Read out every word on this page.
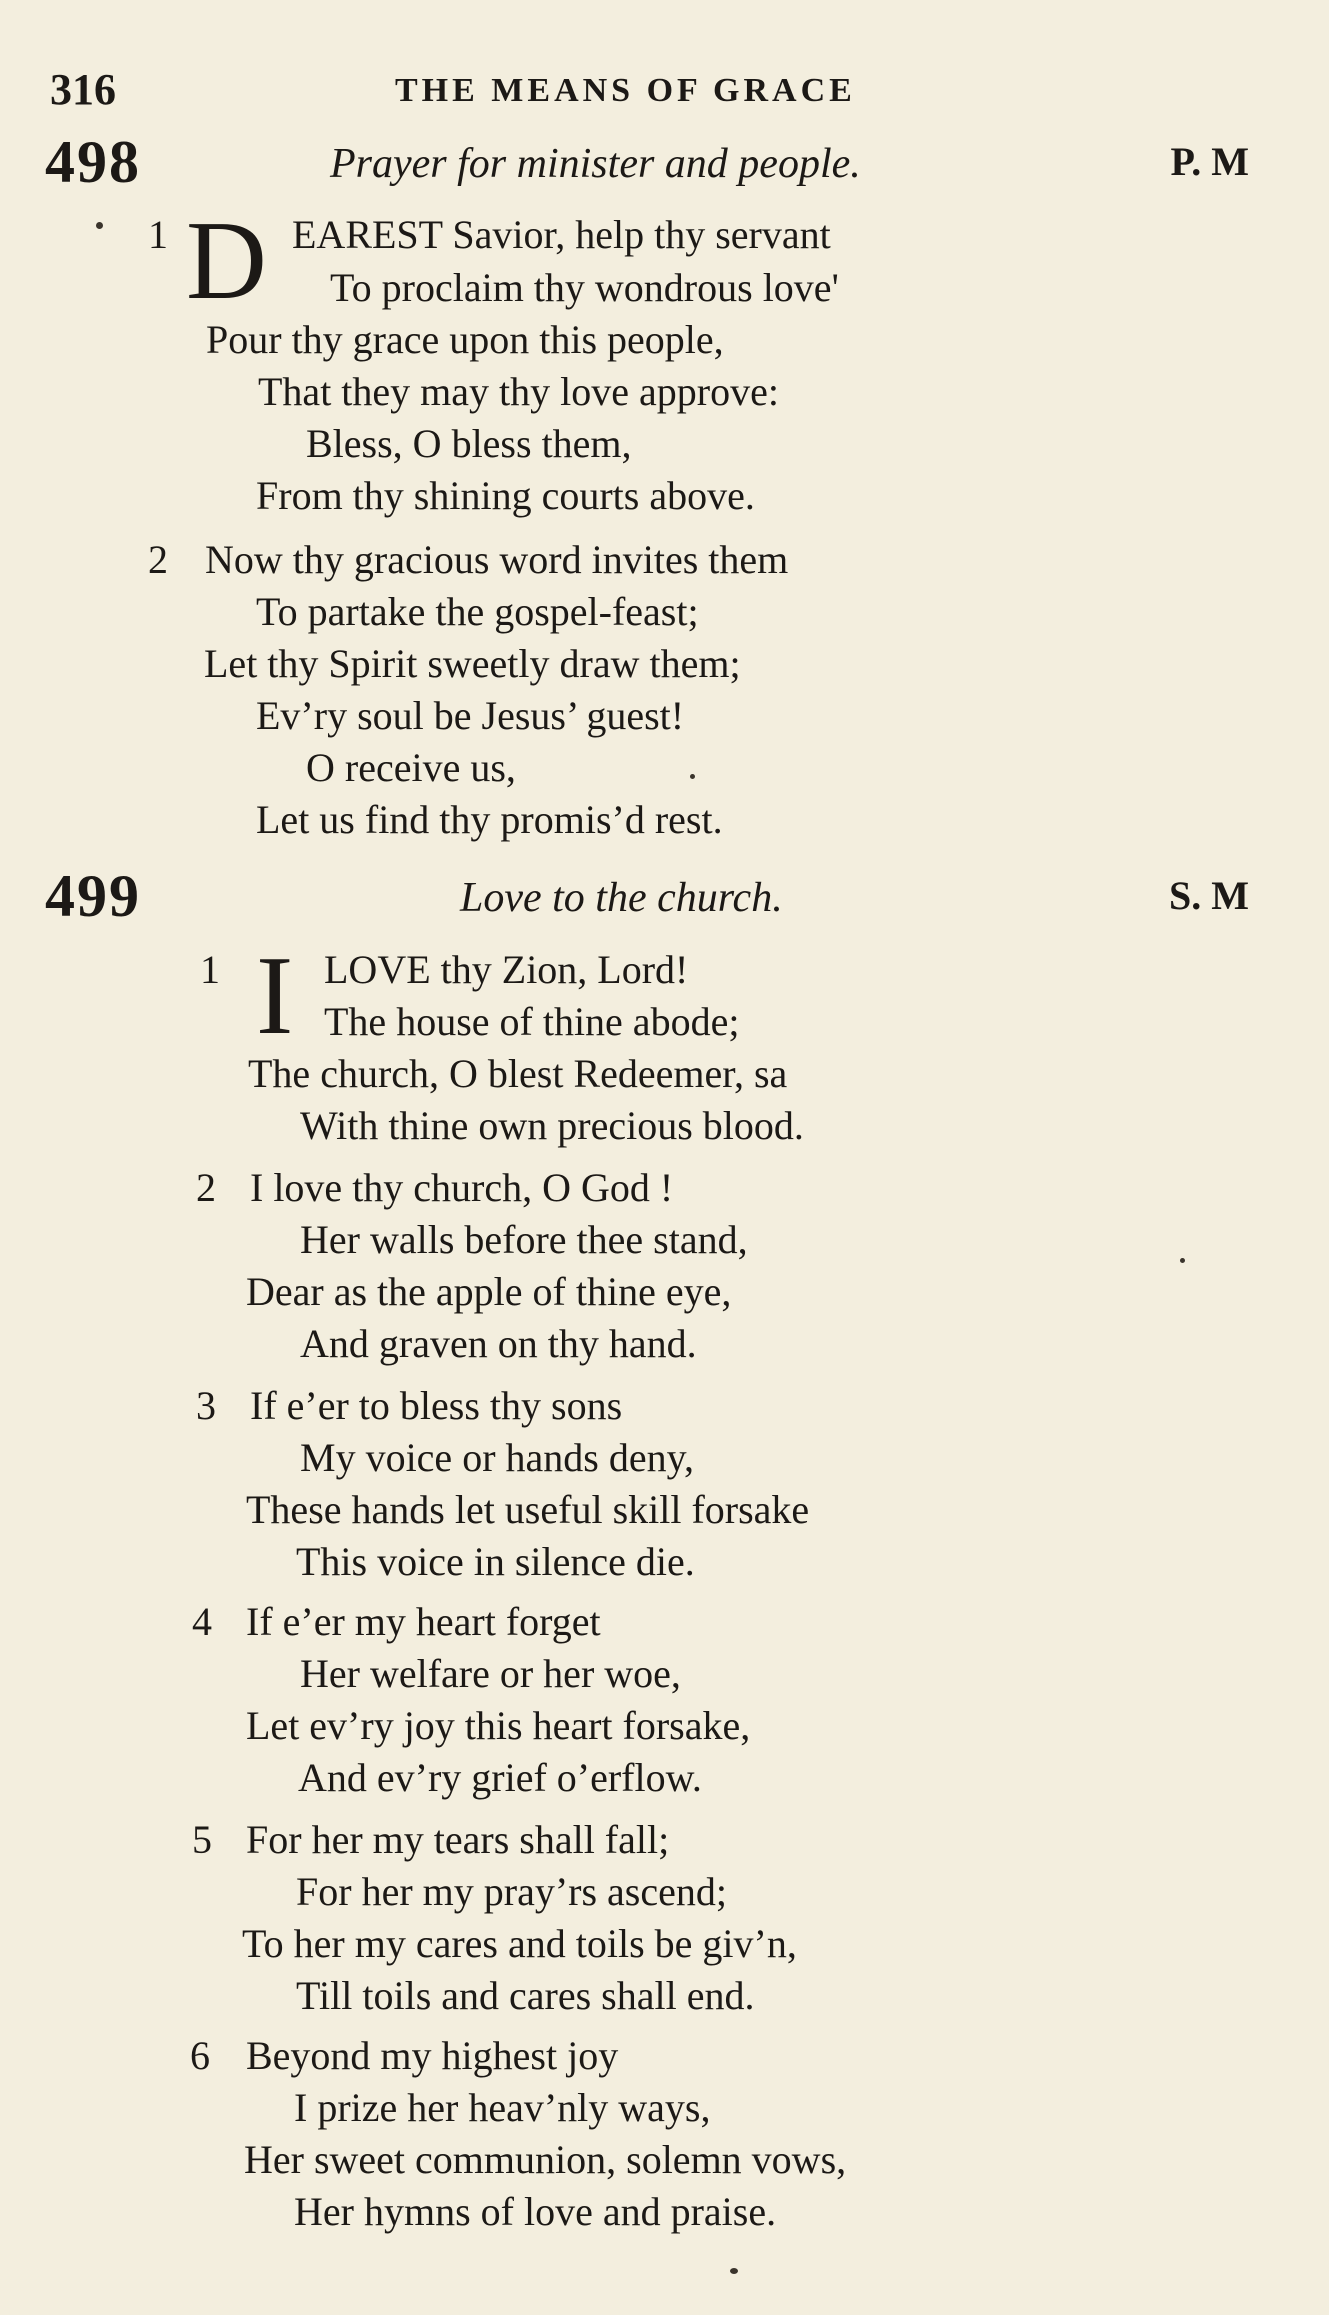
316	THE MEANS OF GRACE
498	Prayer for minister and people.	P. M
1 D EAREST Savior, help thy servant
To proclaim thy wondrous love'
Pour thy grace upon this people,
That they may thy love approve:
Bless, O bless them,
From thy shining courts above.
2 Now thy gracious word invites them
To partake the gospel-feast;
Let thy Spirit sweetly draw them;
Ev’ry soul be Jesus’ guest!
O receive us,
Let us find thy promis’d rest.
499	Love to the church.	S. M
1 I LOVE thy Zion, Lord!
The house of thine abode;
The church, O blest Redeemer, sa
With thine own precious blood.
2 I love thy church, O God !
Her walls before thee stand,
Dear as the apple of thine eye,
And graven on thy hand.
3 If e’er to bless thy sons
My voice or hands deny,
These hands let useful skill forsake
This voice in silence die.
4 If e’er my heart forget
Her welfare or her woe,
Let ev’ry joy this heart forsake,
And ev’ry grief o’erflow.
5 For her my tears shall fall;
For her my pray’rs ascend;
To her my cares and toils be giv’n,
Till toils and cares shall end.
6 Beyond my highest joy
I prize her heav’nly ways,
Her sweet communion, solemn vows,
Her hymns of love and praise.
